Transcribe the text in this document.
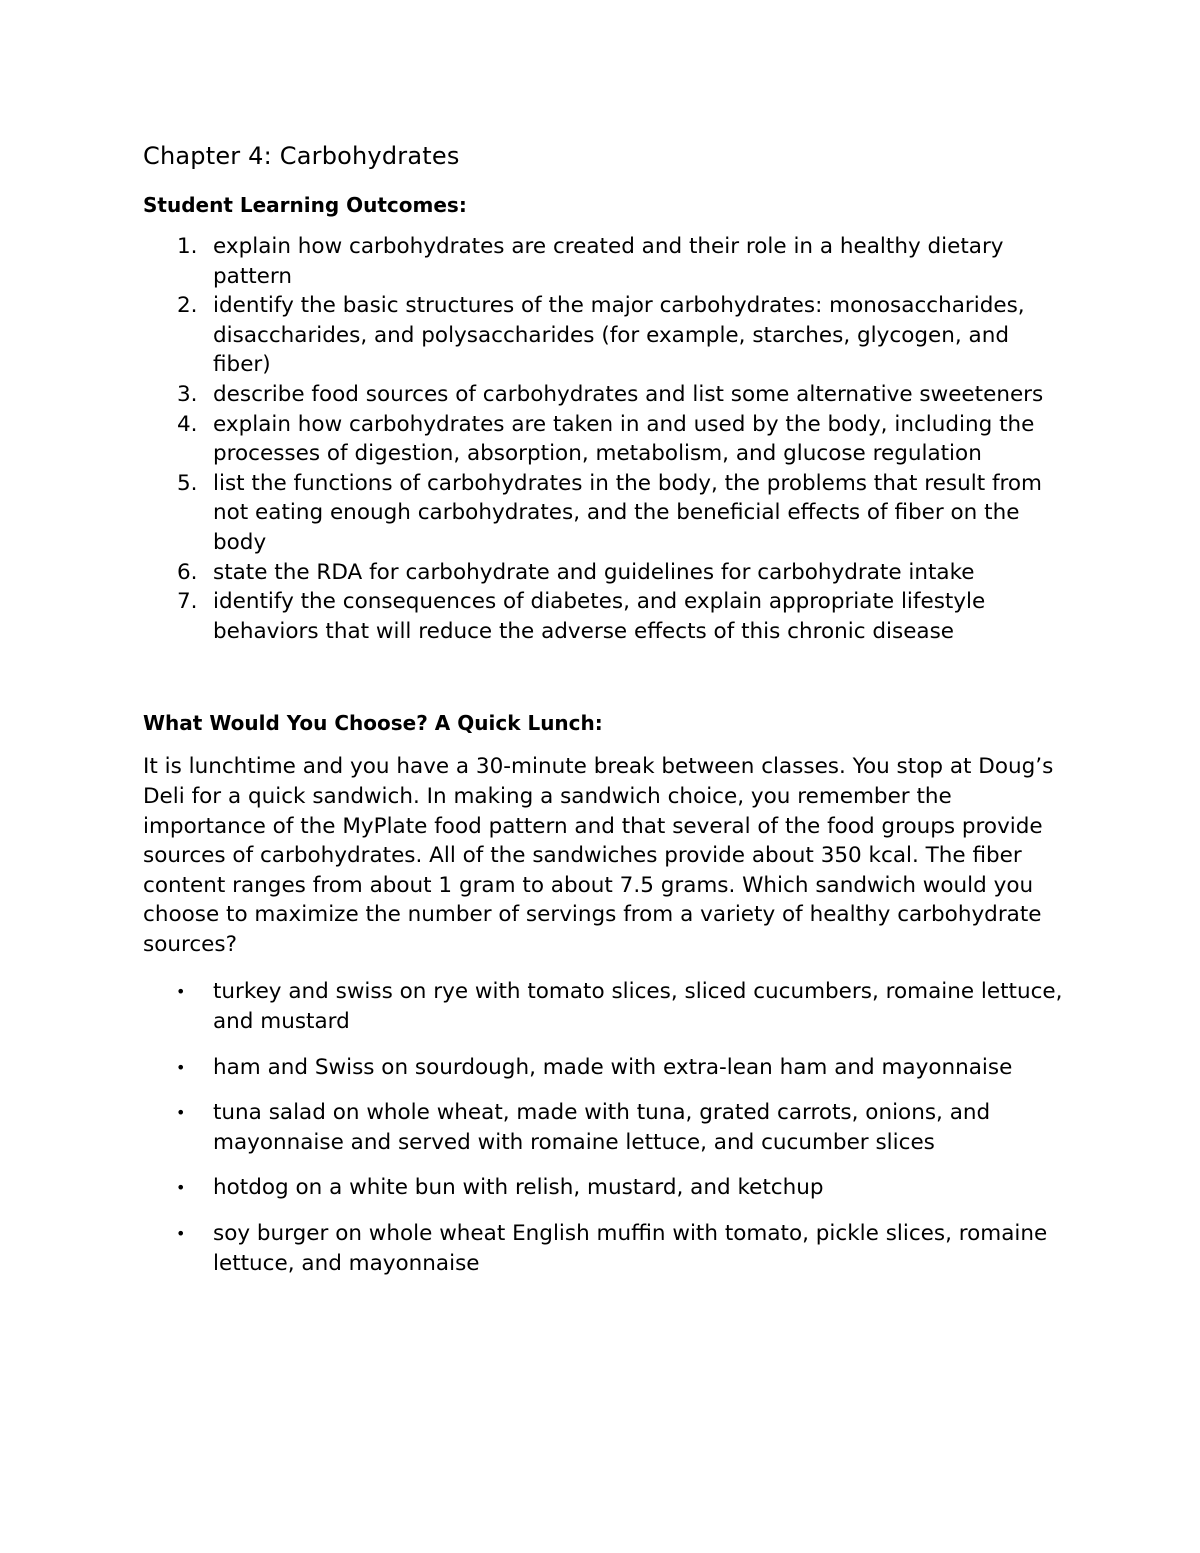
Chapter 4: Carbohydrates
Student Learning Outcomes:
1. explain how carbohydrates are created and their role in a healthy dietary pattern
2. identify the basic structures of the major carbohydrates: monosaccharides, disaccharides, and polysaccharides (for example, starches, glycogen, and fiber)
3. describe food sources of carbohydrates and list some alternative sweeteners
4. explain how carbohydrates are taken in and used by the body, including the processes of digestion, absorption, metabolism, and glucose regulation
5. list the functions of carbohydrates in the body, the problems that result from not eating enough carbohydrates, and the beneficial effects of fiber on the body
6. state the RDA for carbohydrate and guidelines for carbohydrate intake
7. identify the consequences of diabetes, and explain appropriate lifestyle behaviors that will reduce the adverse effects of this chronic disease
What Would You Choose? A Quick Lunch:

It is lunchtime and you have a 30-minute break between classes. You stop at Doug’s Deli for a quick sandwich. In making a sandwich choice, you remember the importance of the MyPlate food pattern and that several of the food groups provide sources of carbohydrates. All of the sandwiches provide about 350 kcal. The fiber content ranges from about 1 gram to about 7.5 grams. Which sandwich would you choose to maximize the number of servings from a variety of healthy carbohydrate sources?

• turkey and swiss on rye with tomato slices, sliced cucumbers, romaine lettuce, and mustard
• ham and Swiss on sourdough, made with extra-lean ham and mayonnaise
• tuna salad on whole wheat, made with tuna, grated carrots, onions, and mayonnaise and served with romaine lettuce, and cucumber slices
• hotdog on a white bun with relish, mustard, and ketchup
• soy burger on whole wheat English muffin with tomato, pickle slices, romaine lettuce, and mayonnaise
